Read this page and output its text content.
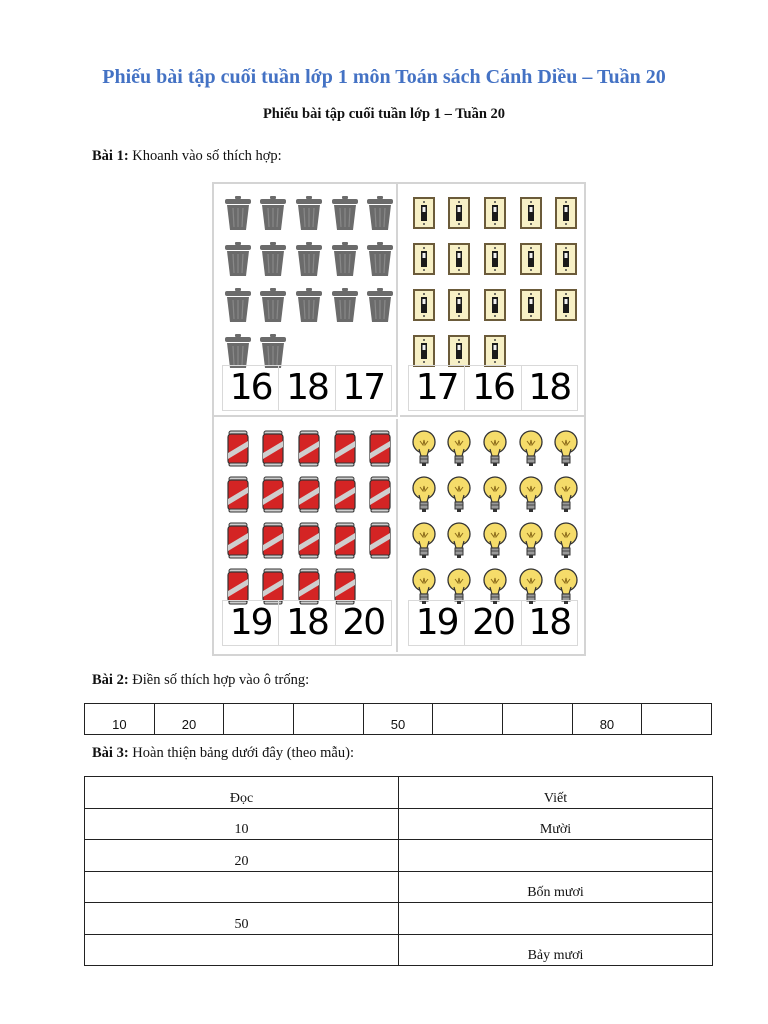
Phiếu bài tập cuối tuần lớp 1 môn Toán sách Cánh Diều – Tuần 20
Phiếu bài tập cuối tuần lớp 1 – Tuần 20
Bài 1: Khoanh vào số thích hợp:
16 18 17 17 16 18
19 18 20 19 20 18
Bài 2: Điền số thích hợp vào ô trống:
10	20			50			80	
Bài 3: Hoàn thiện bảng dưới đây (theo mẫu):
Đọc	Viết
10	Mười
20	
	Bốn mươi
50	
	Bảy mươi
